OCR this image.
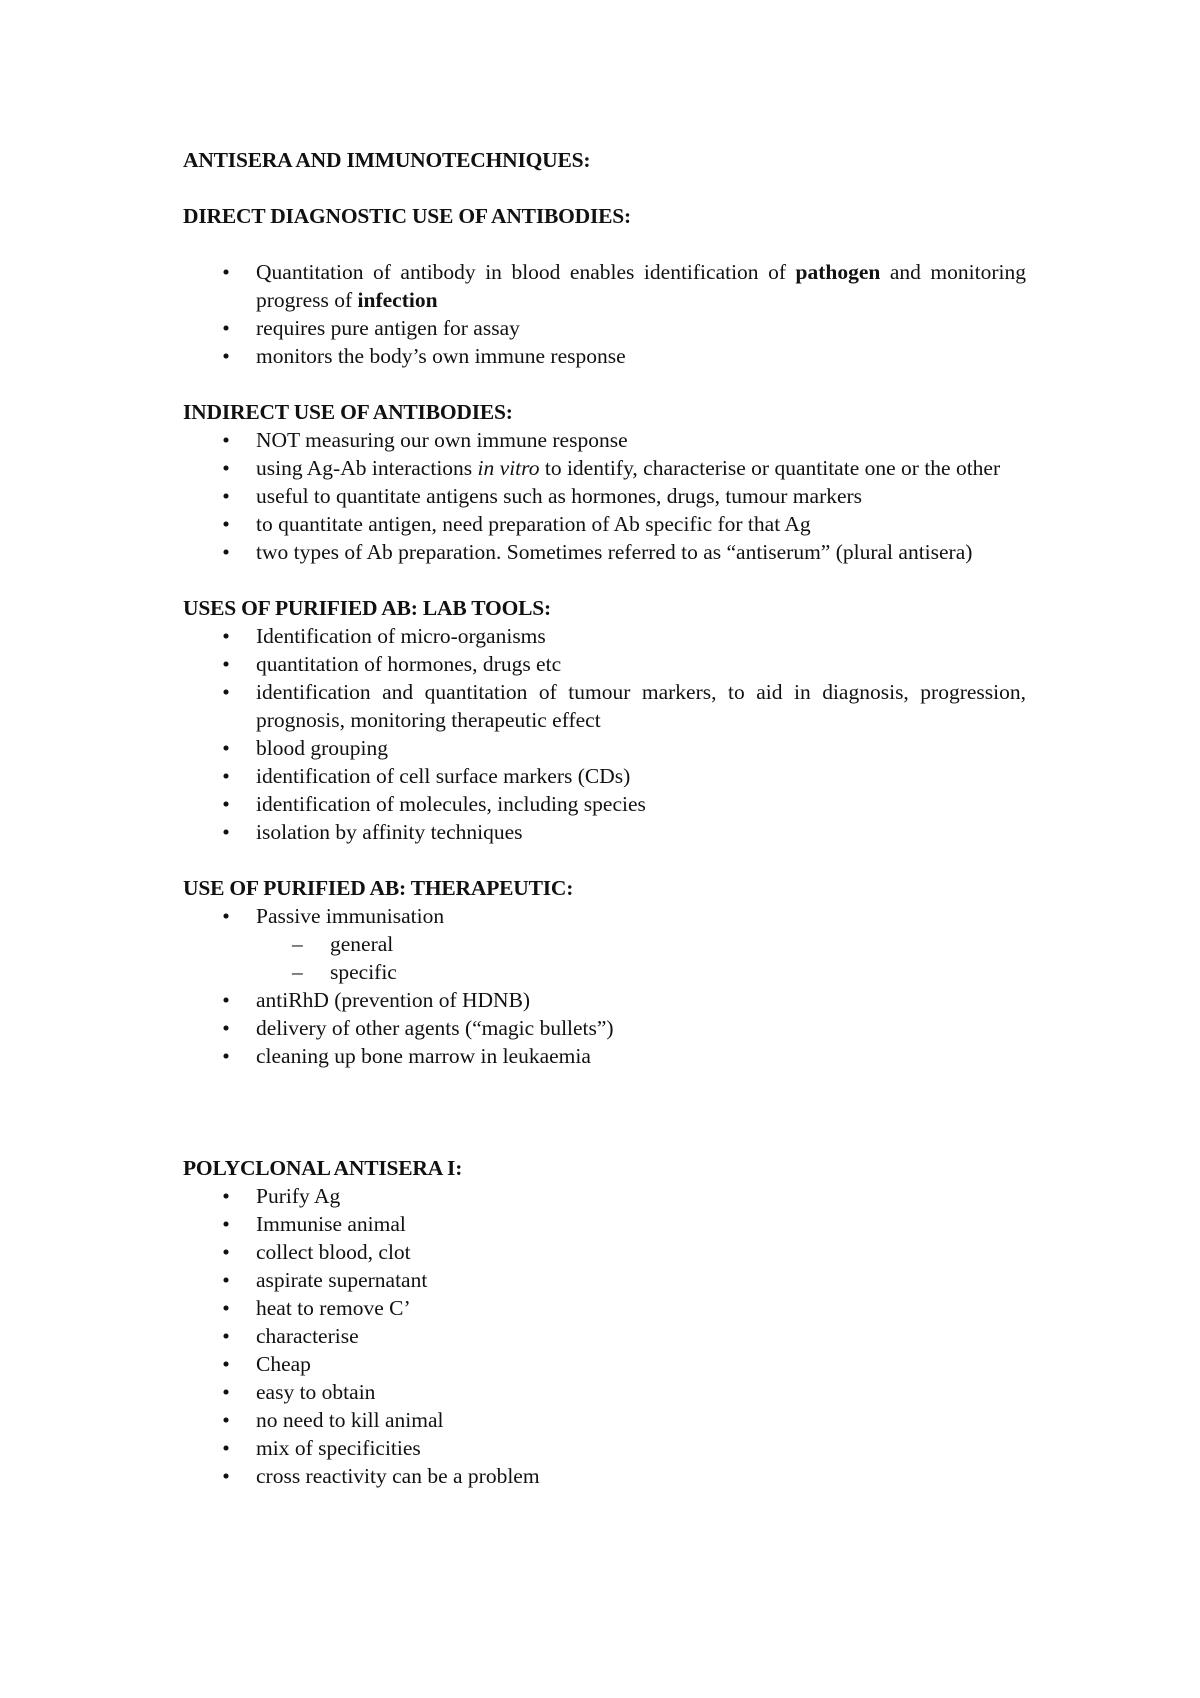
ANTISERA AND IMMUNOTECHNIQUES:

DIRECT DIAGNOSTIC USE OF ANTIBODIES:

• Quantitation of antibody in blood enables identification of pathogen and monitoring progress of infection
• requires pure antigen for assay
• monitors the body’s own immune response

INDIRECT USE OF ANTIBODIES:

• NOT measuring our own immune response
• using Ag-Ab interactions in vitro to identify, characterise or quantitate one or the other
• useful to quantitate antigens such as hormones, drugs, tumour markers
• to quantitate antigen, need preparation of Ab specific for that Ag
• two types of Ab preparation. Sometimes referred to as “antiserum” (plural antisera)

USES OF PURIFIED AB: LAB TOOLS:

• Identification of micro-organisms
• quantitation of hormones, drugs etc
• identification and quantitation of tumour markers, to aid in diagnosis, progression, prognosis, monitoring therapeutic effect
• blood grouping
• identification of cell surface markers (CDs)
• identification of molecules, including species
• isolation by affinity techniques

USE OF PURIFIED AB: THERAPEUTIC:

• Passive immunisation
– general
– specific
• antiRhD (prevention of HDNB)
• delivery of other agents (“magic bullets”)
• cleaning up bone marrow in leukaemia

POLYCLONAL ANTISERA I:

• Purify Ag
• Immunise animal
• collect blood, clot
• aspirate supernatant
• heat to remove C’
• characterise
• Cheap
• easy to obtain
• no need to kill animal
• mix of specificities
• cross reactivity can be a problem
